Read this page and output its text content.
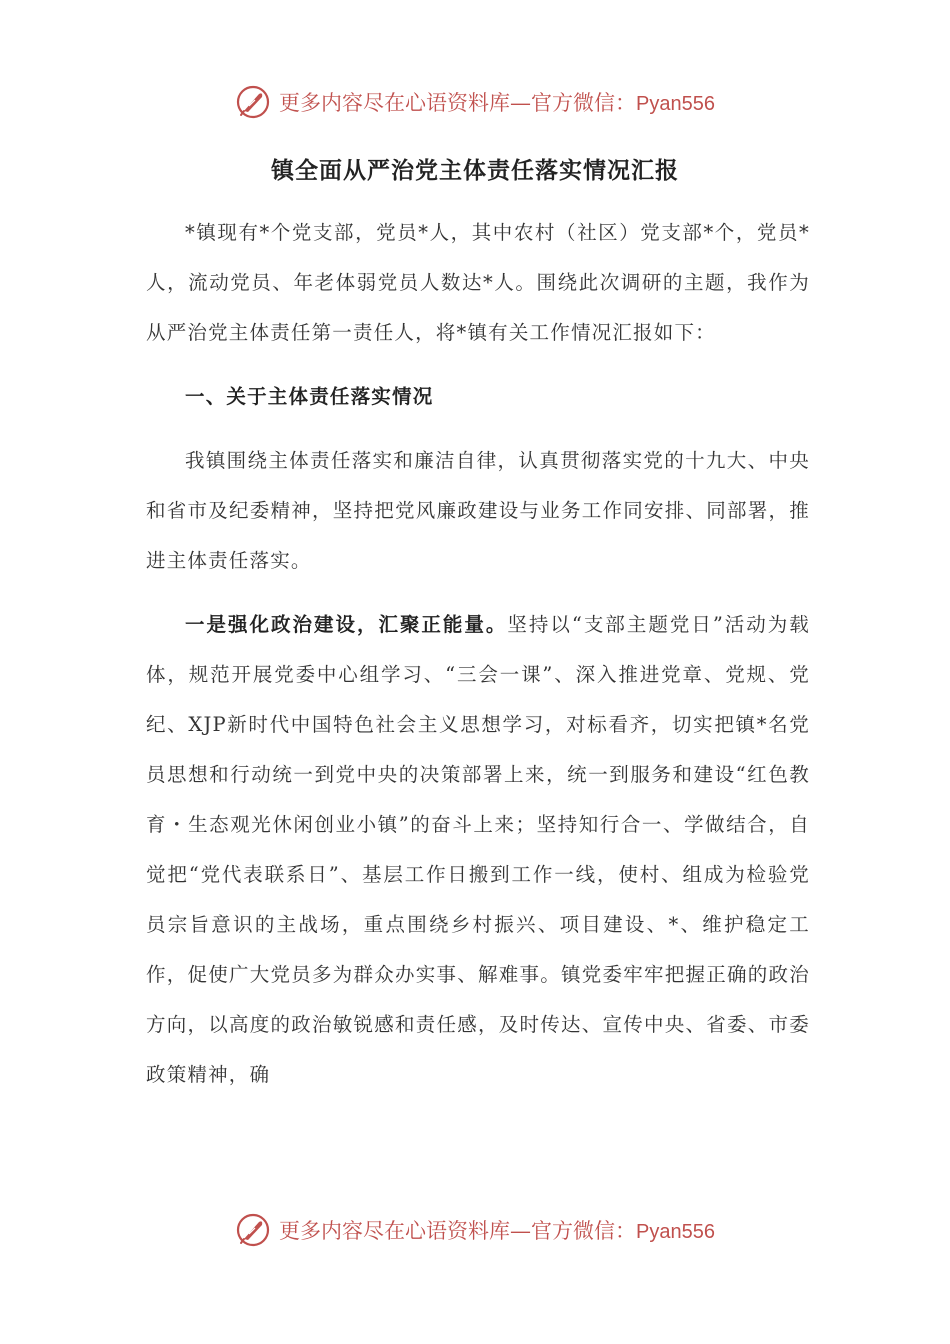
更多内容尽在心语资料库—官方微信：Pyan556
镇全面从严治党主体责任落实情况汇报

*镇现有*个党支部，党员*人，其中农村（社区）党支部*个，党员*人，流动党员、年老体弱党员人数达*人。围绕此次调研的主题，我作为从严治党主体责任第一责任人，将*镇有关工作情况汇报如下：

一、关于主体责任落实情况

我镇围绕主体责任落实和廉洁自律，认真贯彻落实党的十九大、中央和省市及纪委精神，坚持把党风廉政建设与业务工作同安排、同部署，推进主体责任落实。

一是强化政治建设，汇聚正能量。坚持以“支部主题党日”活动为载体，规范开展党委中心组学习、“三会一课”、深入推进党章、党规、党纪、XJP新时代中国特色社会主义思想学习，对标看齐，切实把镇*名党员思想和行动统一到党中央的决策部署上来，统一到服务和建设“红色教育・生态观光休闲创业小镇”的奋斗上来；坚持知行合一、学做结合，自觉把“党代表联系日”、基层工作日搬到工作一线，使村、组成为检验党员宗旨意识的主战场，重点围绕乡村振兴、项目建设、*、维护稳定工作，促使广大党员多为群众办实事、解难事。镇党委牢牢把握正确的政治方向，以高度的政治敏锐感和责任感，及时传达、宣传中央、省委、市委政策精神，确

更多内容尽在心语资料库—官方微信：Pyan556
